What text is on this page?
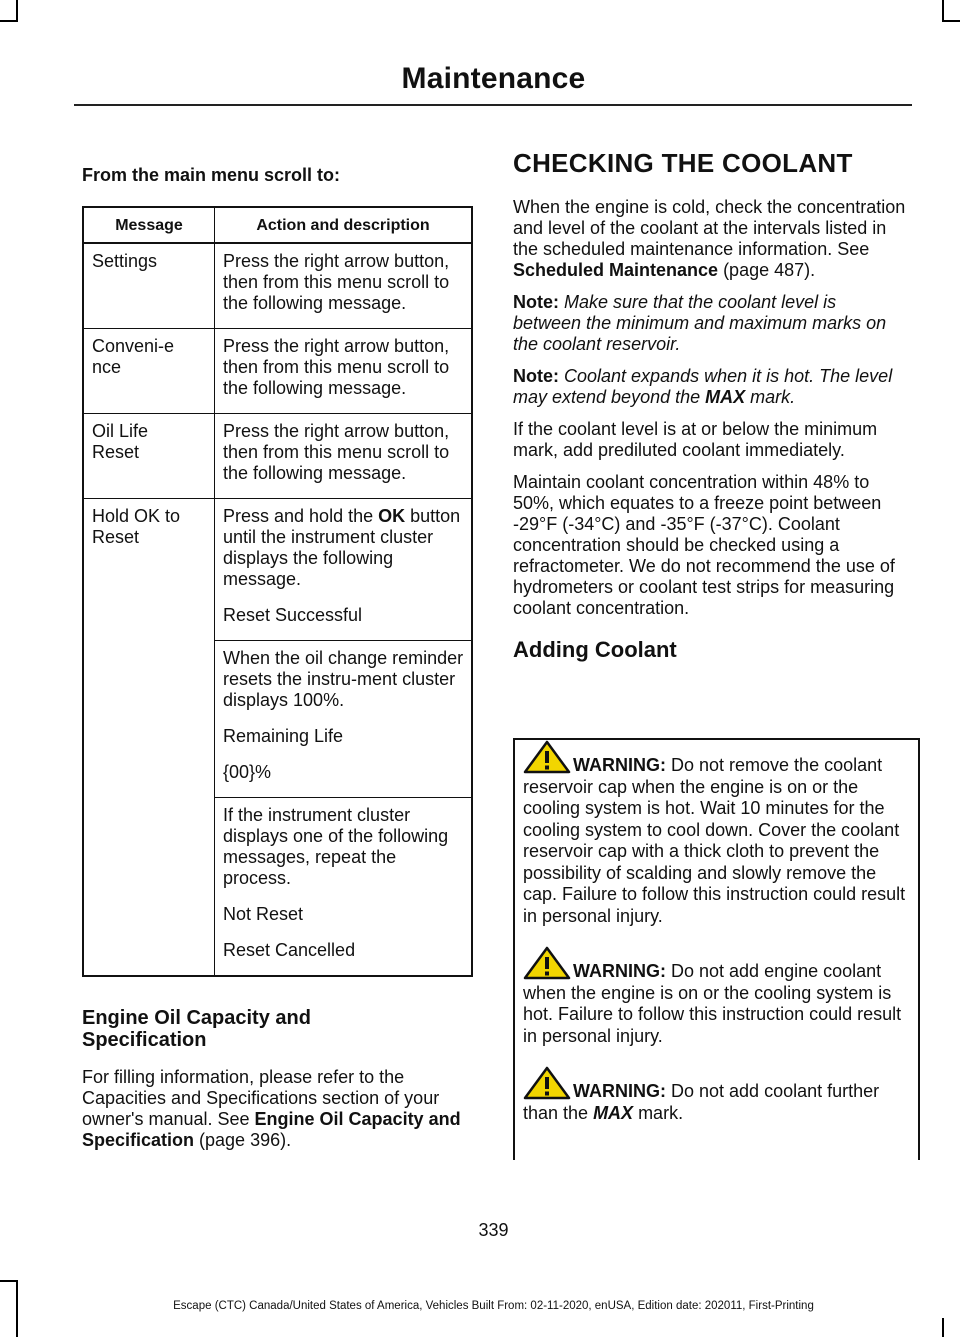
Maintenance

From the main menu scroll to:

Message	Action and description
Settings	Press the right arrow button, then from this menu scroll to the following message.

Conveni-ence	Press the right arrow button, then from this menu scroll to the following message.

Oil Life Reset	Press the right arrow button, then from this menu scroll to the following message.

Hold OK to Reset	Press and hold the OK button until the instrument cluster displays the following message.

Reset Successful

	When the oil change reminder resets the instru-ment cluster displays 100%.

Remaining Life

{00}%

	If the instrument cluster displays one of the following messages, repeat the process.

Not Reset

Reset Cancelled

Engine Oil Capacity and Specification

For filling information, please refer to the Capacities and Specifications section of your owner's manual. See Engine Oil Capacity and Specification (page 396).

CHECKING THE COOLANT

When the engine is cold, check the concentration and level of the coolant at the intervals listed in the scheduled maintenance information. See Scheduled Maintenance (page 487).

Note: Make sure that the coolant level is between the minimum and maximum marks on the coolant reservoir.

Note: Coolant expands when it is hot. The level may extend beyond the MAX mark.

If the coolant level is at or below the minimum mark, add prediluted coolant immediately.

Maintain coolant concentration within 48% to 50%, which equates to a freeze point between -29°F (-34°C) and -35°F (-37°C). Coolant concentration should be checked using a refractometer. We do not recommend the use of hydrometers or coolant test strips for measuring coolant concentration.

Adding Coolant

WARNING: Do not remove the coolant reservoir cap when the engine is on or the cooling system is hot. Wait 10 minutes for the cooling system to cool down. Cover the coolant reservoir cap with a thick cloth to prevent the possibility of scalding and slowly remove the cap. Failure to follow this instruction could result in personal injury.

WARNING: Do not add engine coolant when the engine is on or the cooling system is hot. Failure to follow this instruction could result in personal injury.

WARNING: Do not add coolant further than the MAX mark.

339
Escape (CTC) Canada/United States of America, Vehicles Built From: 02-11-2020, enUSA, Edition date: 202011, First-Printing
